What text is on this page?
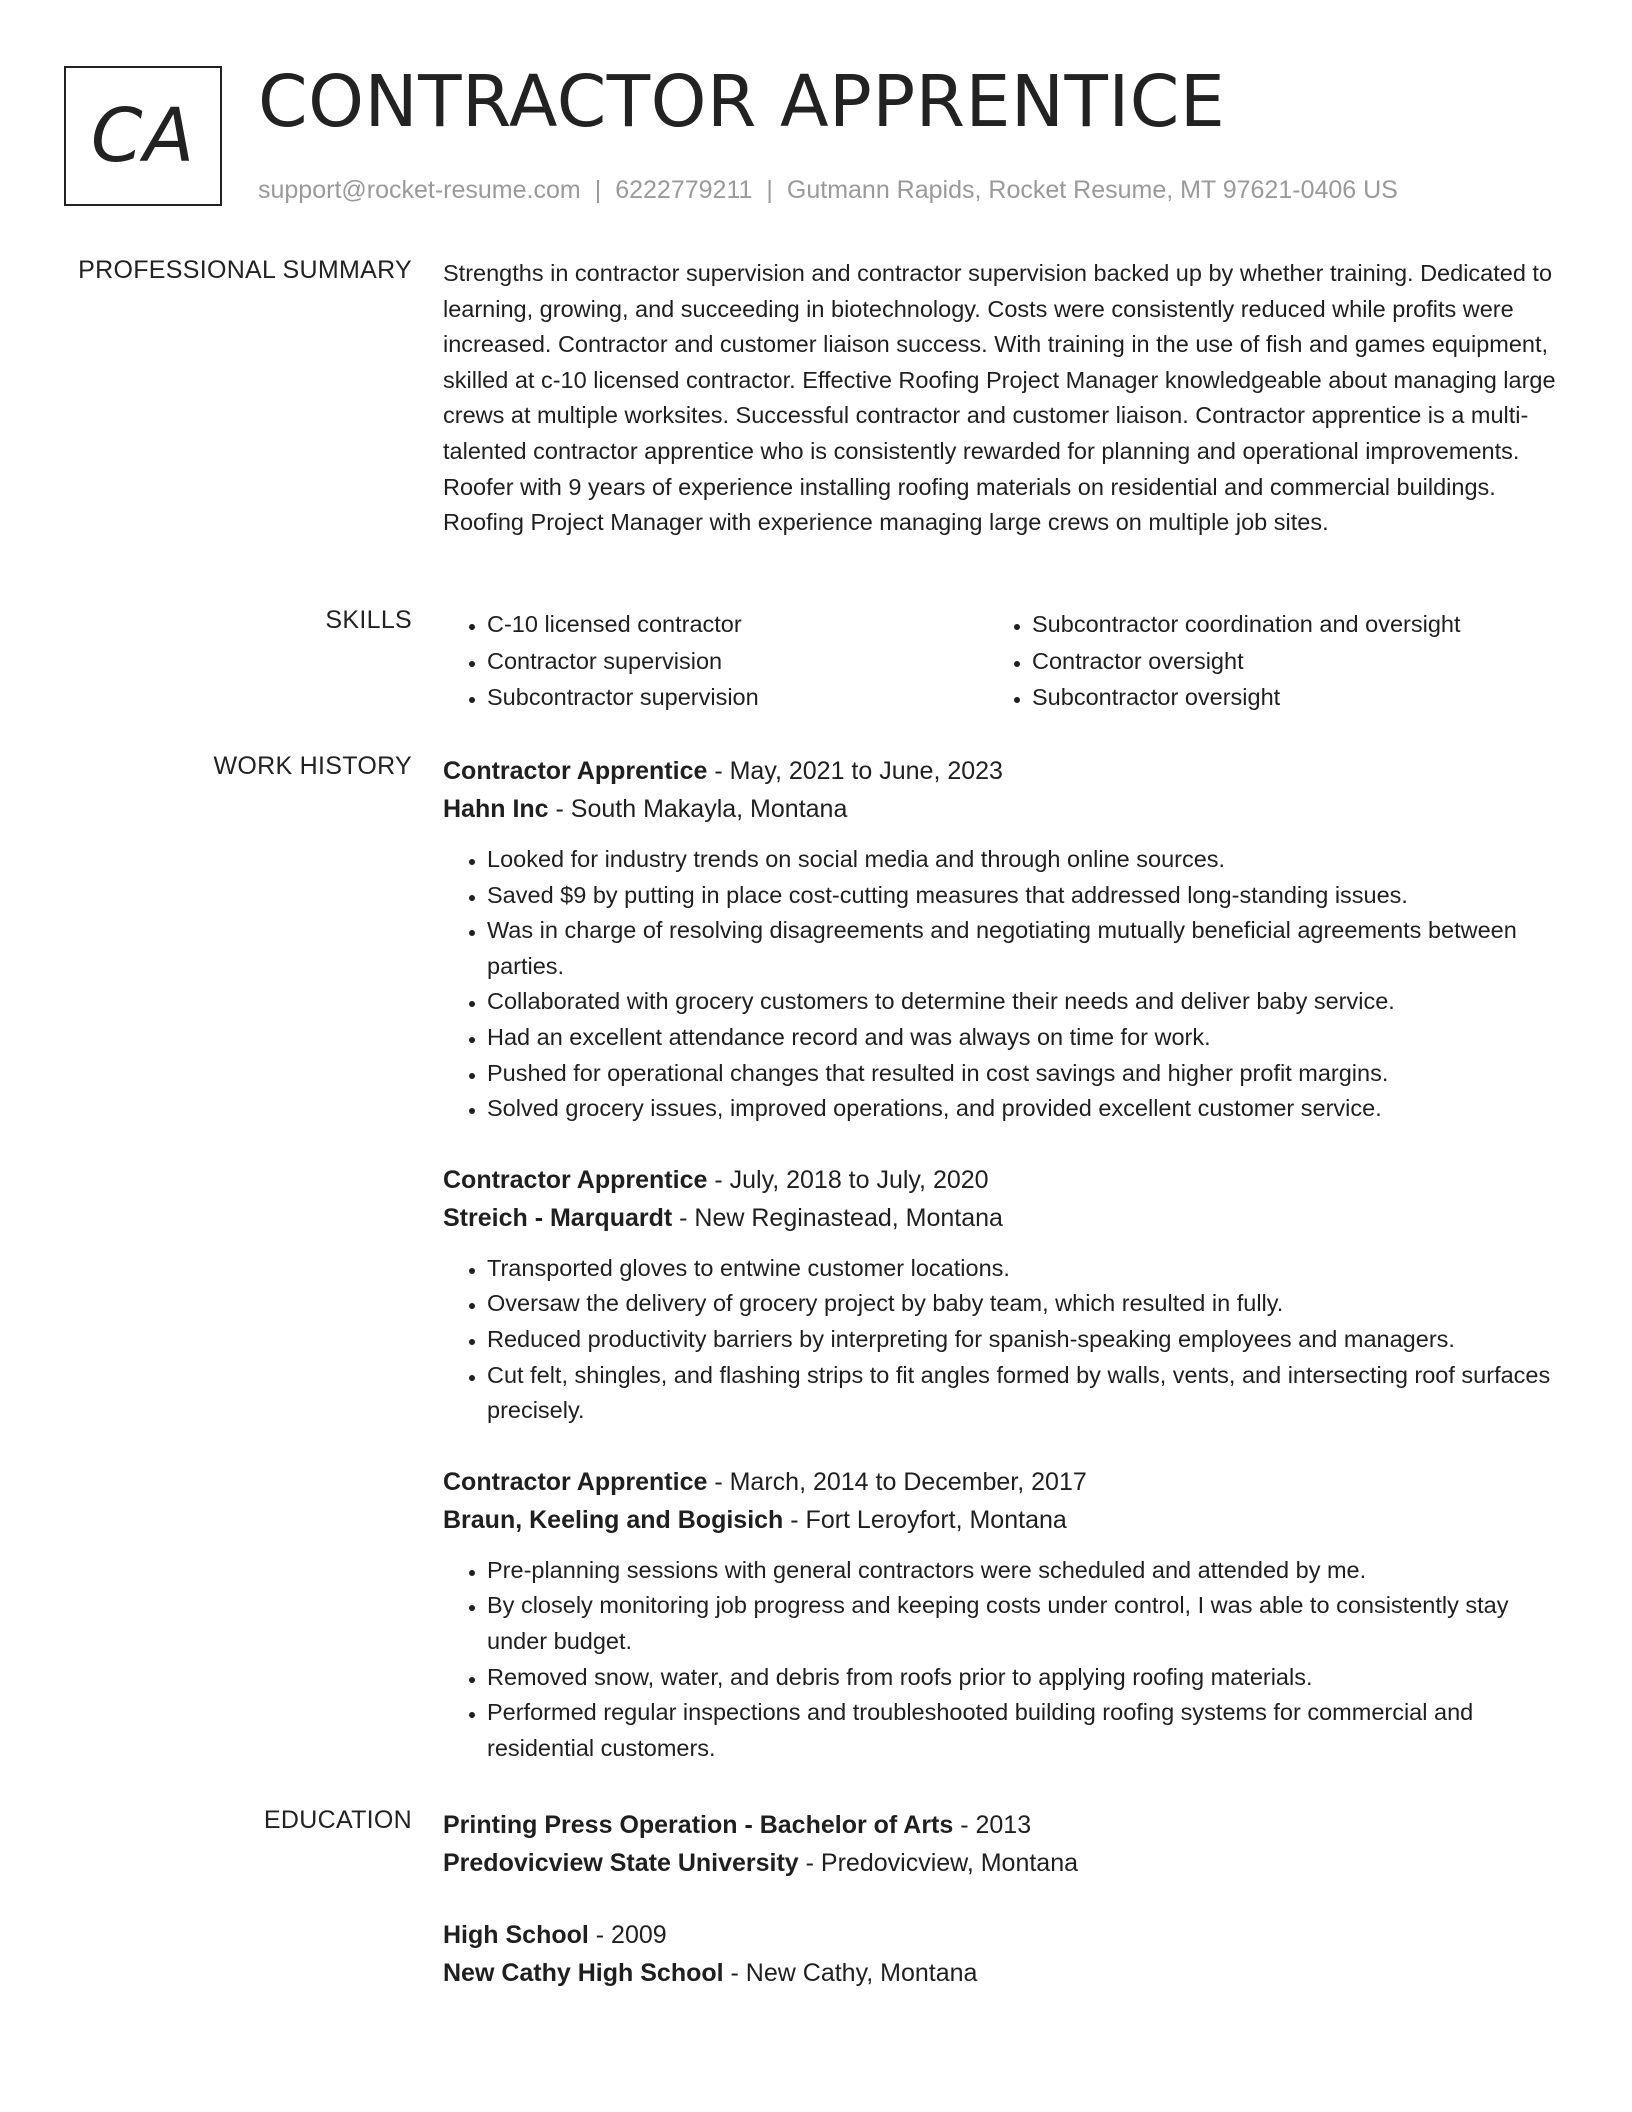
CA CONTRACTOR APPRENTICE
support@rocket-resume.com | 6222779211 | Gutmann Rapids, Rocket Resume, MT 97621-0406 US
PROFESSIONAL SUMMARY Strengths in contractor supervision and contractor supervision backed up by whether training. Dedicated to learning, growing, and succeeding in biotechnology. Costs were consistently reduced while profits were increased. Contractor and customer liaison success. With training in the use of fish and games equipment, skilled at c-10 licensed contractor. Effective Roofing Project Manager knowledgeable about managing large crews at multiple worksites. Successful contractor and customer liaison. Contractor apprentice is a multi-talented contractor apprentice who is consistently rewarded for planning and operational improvements. Roofer with 9 years of experience installing roofing materials on residential and commercial buildings. Roofing Project Manager with experience managing large crews on multiple job sites.

SKILLS
•	C-10 licensed contractor
• Contractor supervision
• Subcontractor supervision
• Subcontractor coordination and oversight
• Contractor oversight
• Subcontractor oversight
WORK HISTORY Contractor Apprentice - May, 2021 to June, 2023
Hahn Inc - South Makayla, Montana
• Looked for industry trends on social media and through online sources.
• Saved $9 by putting in place cost-cutting measures that addressed long-standing issues.
• Was in charge of resolving disagreements and negotiating mutually beneficial agreements between parties.
• Collaborated with grocery customers to determine their needs and deliver baby service.
• Had an excellent attendance record and was always on time for work.
• Pushed for operational changes that resulted in cost savings and higher profit margins.
• Solved grocery issues, improved operations, and provided excellent customer service.
Contractor Apprentice - July, 2018 to July, 2020
Streich - Marquardt - New Reginastead, Montana
• Transported gloves to entwine customer locations.
• Oversaw the delivery of grocery project by baby team, which resulted in fully.
• Reduced productivity barriers by interpreting for spanish-speaking employees and managers.
• Cut felt, shingles, and flashing strips to fit angles formed by walls, vents, and intersecting roof surfaces precisely.
Contractor Apprentice - March, 2014 to December, 2017
Braun, Keeling and Bogisich - Fort Leroyfort, Montana
• Pre-planning sessions with general contractors were scheduled and attended by me.
• By closely monitoring job progress and keeping costs under control, I was able to consistently stay under budget.
• Removed snow, water, and debris from roofs prior to applying roofing materials.
• Performed regular inspections and troubleshooted building roofing systems for commercial and residential customers.
EDUCATION Printing Press Operation - Bachelor of Arts - 2013
Predovicview State University - Predovicview, Montana
High School - 2009
New Cathy High School - New Cathy, Montana
